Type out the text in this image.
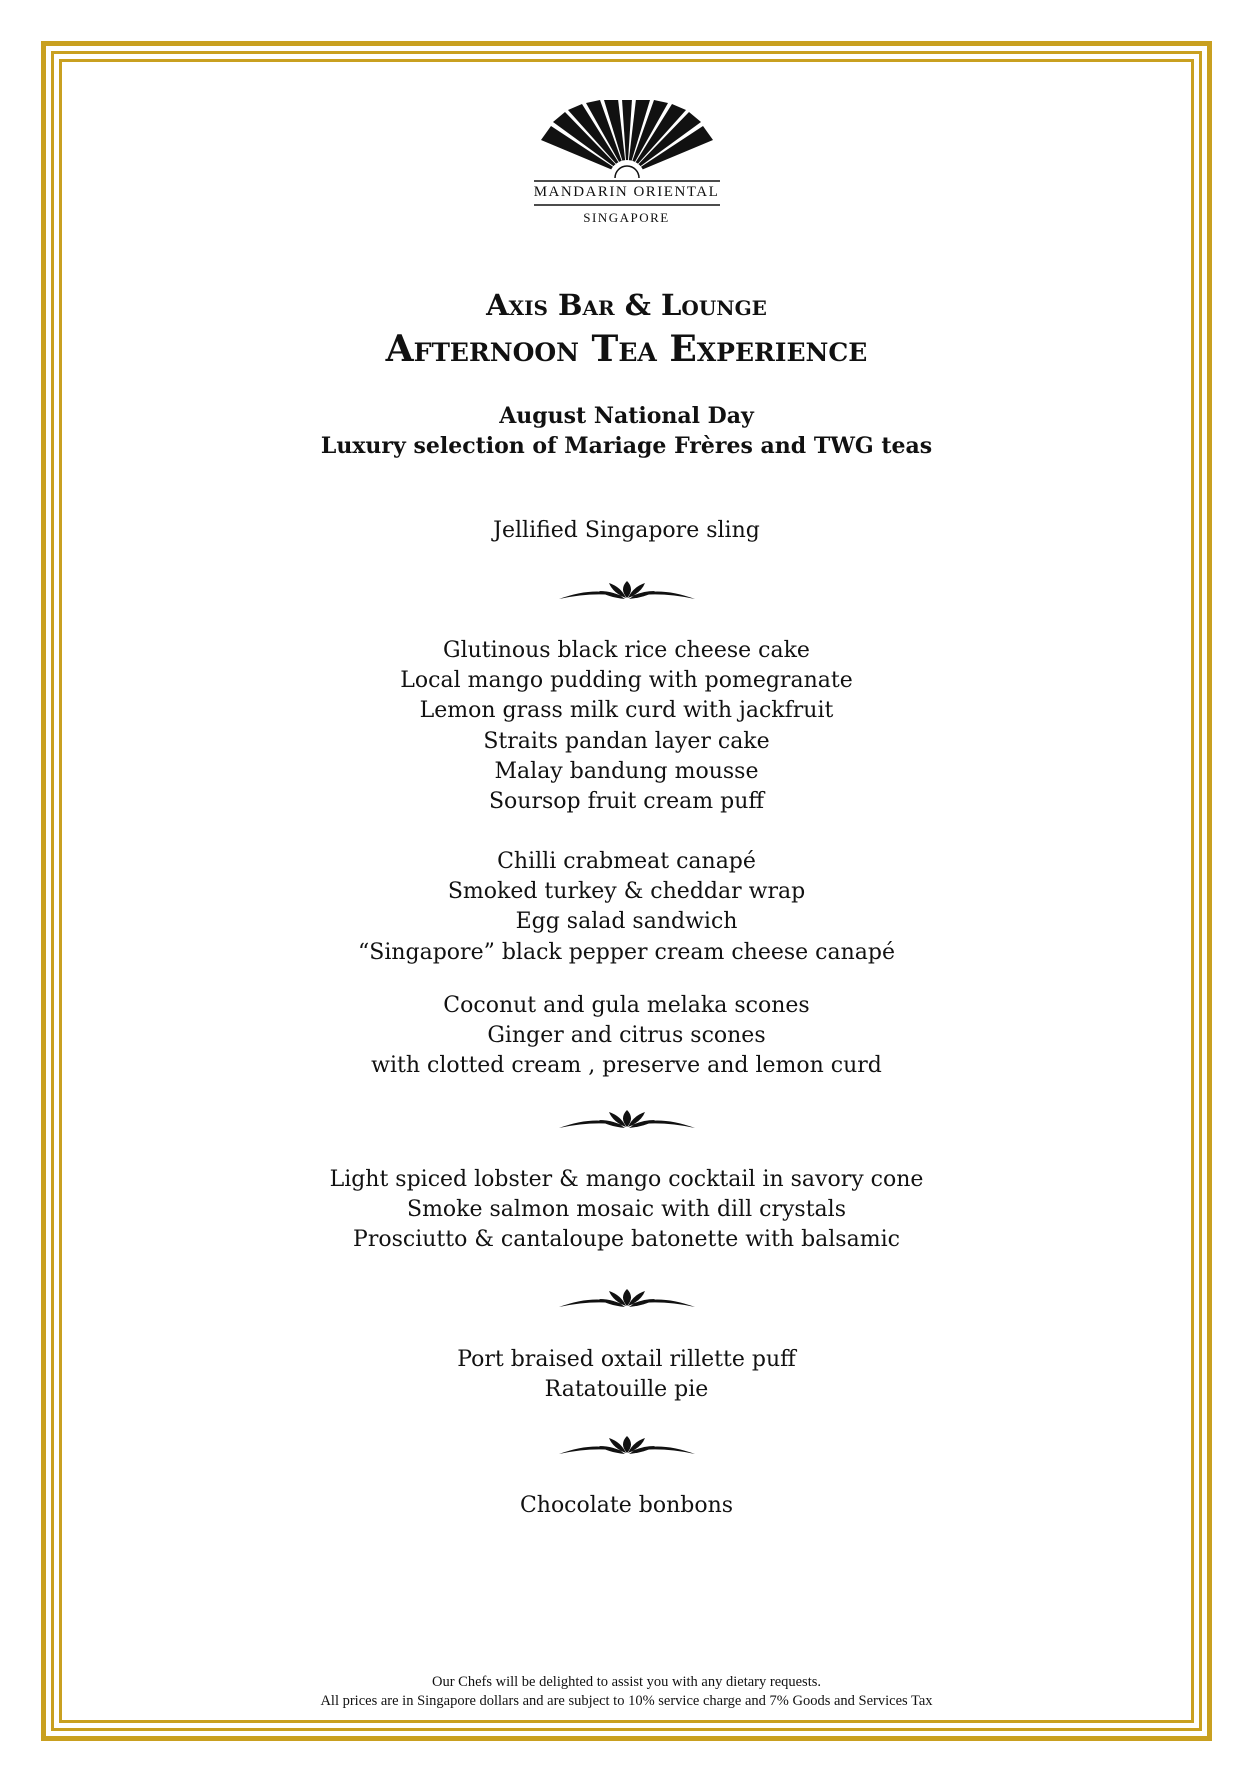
MANDARIN ORIENTAL
SINGAPORE
Axis Bar & Lounge
Afternoon Tea Experience
August National Day
Luxury selection of Mariage Frères and TWG teas
Jellified Singapore sling
Glutinous black rice cheese cake
Local mango pudding with pomegranate
Lemon grass milk curd with jackfruit
Straits pandan layer cake
Malay bandung mousse
Soursop fruit cream puff
Chilli crabmeat canapé
Smoked turkey & cheddar wrap
Egg salad sandwich
“Singapore” black pepper cream cheese canapé
Coconut and gula melaka scones
Ginger and citrus scones
with clotted cream , preserve and lemon curd
Light spiced lobster & mango cocktail in savory cone
Smoke salmon mosaic with dill crystals
Prosciutto & cantaloupe batonette with balsamic
Port braised oxtail rillette puff
Ratatouille pie
Chocolate bonbons
Our Chefs will be delighted to assist you with any dietary requests.
All prices are in Singapore dollars and are subject to 10% service charge and 7% Goods and Services Tax
